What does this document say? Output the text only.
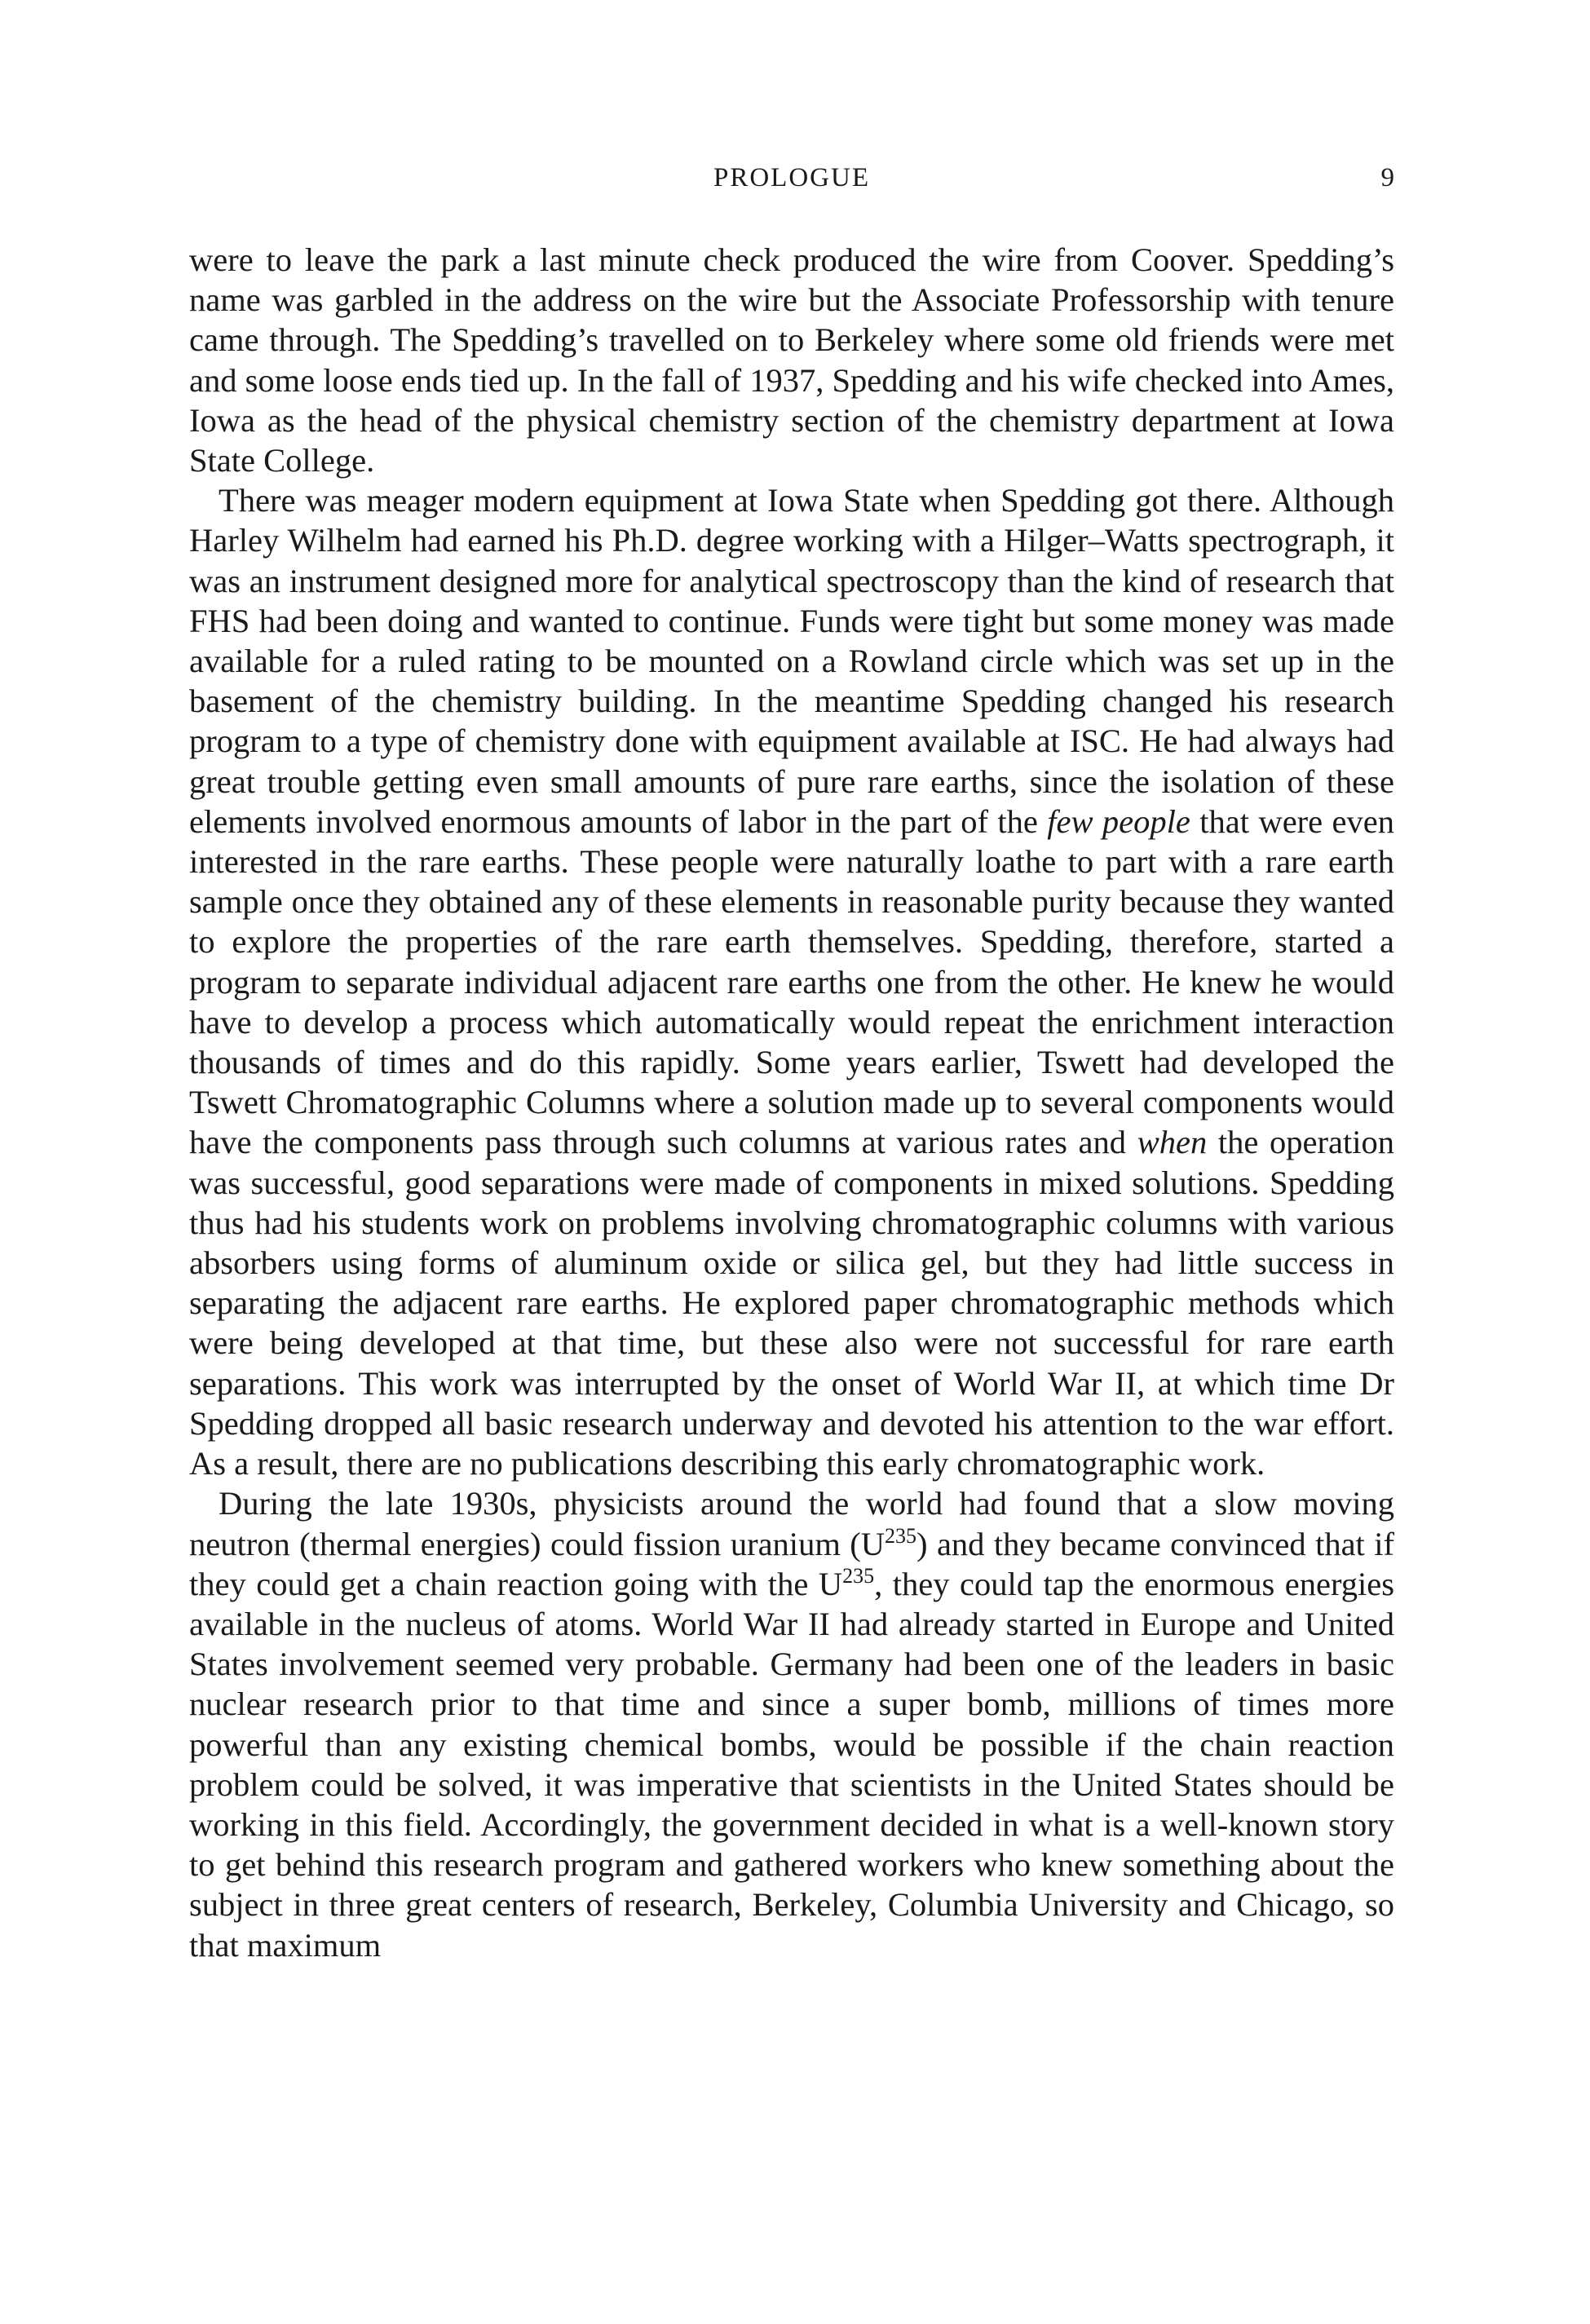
PROLOGUE	9

were to leave the park a last minute check produced the wire from Coover. Spedding’s name was garbled in the address on the wire but the Associate Professorship with tenure came through. The Spedding’s travelled on to Berkeley where some old friends were met and some loose ends tied up. In the fall of 1937, Spedding and his wife checked into Ames, Iowa as the head of the physical chemistry section of the chemistry department at Iowa State College.

There was meager modern equipment at Iowa State when Spedding got there. Although Harley Wilhelm had earned his Ph.D. degree working with a Hilger–Watts spectrograph, it was an instrument designed more for analytical spectroscopy than the kind of research that FHS had been doing and wanted to continue. Funds were tight but some money was made available for a ruled rating to be mounted on a Rowland circle which was set up in the basement of the chemistry building. In the meantime Spedding changed his research program to a type of chemistry done with equipment available at ISC. He had always had great trouble getting even small amounts of pure rare earths, since the isolation of these elements involved enormous amounts of labor in the part of the few people that were even interested in the rare earths. These people were naturally loathe to part with a rare earth sample once they obtained any of these elements in reasonable purity because they wanted to explore the properties of the rare earth themselves. Spedding, therefore, started a program to separate individual adjacent rare earths one from the other. He knew he would have to develop a process which automatically would repeat the enrichment interaction thousands of times and do this rapidly. Some years earlier, Tswett had developed the Tswett Chromatographic Columns where a solution made up to several components would have the components pass through such columns at various rates and when the operation was successful, good separations were made of components in mixed solutions. Spedding thus had his students work on problems involving chromatographic columns with various absorbers using forms of aluminum oxide or silica gel, but they had little success in separating the adjacent rare earths. He explored paper chromatographic methods which were being developed at that time, but these also were not successful for rare earth separations. This work was interrupted by the onset of World War II, at which time Dr Spedding dropped all basic research underway and devoted his attention to the war effort. As a result, there are no publications describing this early chromatographic work.

During the late 1930s, physicists around the world had found that a slow moving neutron (thermal energies) could fission uranium $(U^{235})$ and they became convinced that if they could get a chain reaction going with the $U^{235}$, they could tap the enormous energies available in the nucleus of atoms. World War II had already started in Europe and United States involvement seemed very probable. Germany had been one of the leaders in basic nuclear research prior to that time and since a super bomb, millions of times more powerful than any existing chemical bombs, would be possible if the chain reaction problem could be solved, it was imperative that scientists in the United States should be working in this field. Accordingly, the government decided in what is a well-known story to get behind this research program and gathered workers who knew something about the subject in three great centers of research, Berkeley, Columbia University and Chicago, so that maximum
